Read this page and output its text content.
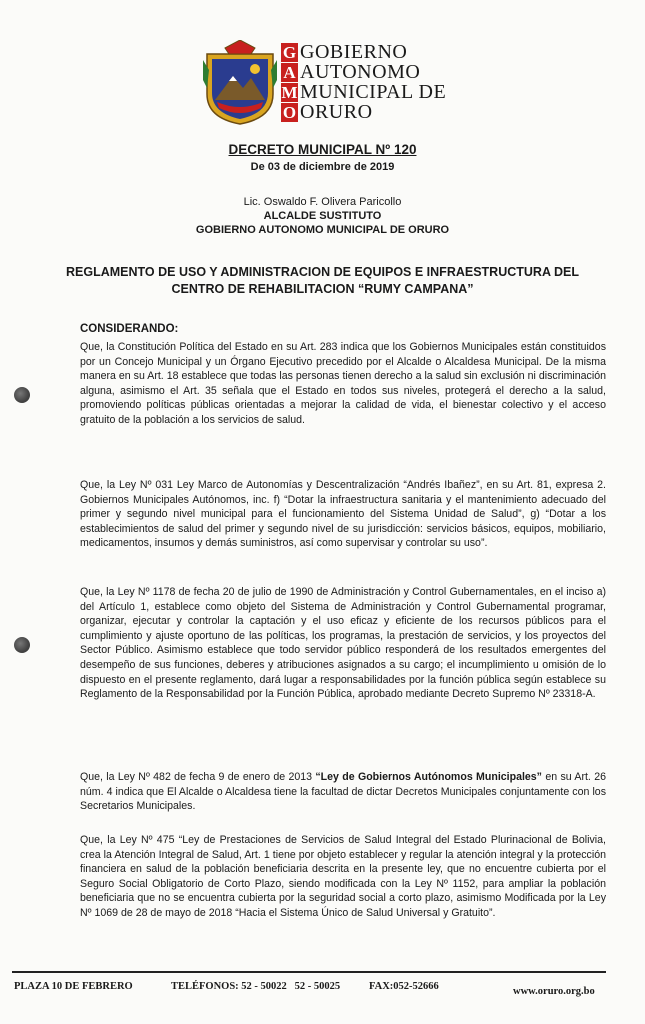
G
A
M
O
GOBIERNO
AUTONOMO
MUNICIPAL DE
ORURO
DECRETO MUNICIPAL Nº 120
De 03 de diciembre de 2019
Lic. Oswaldo F. Olivera Paricollo
ALCALDE SUSTITUTO
GOBIERNO AUTONOMO MUNICIPAL DE ORURO
REGLAMENTO DE USO Y ADMINISTRACION DE EQUIPOS E INFRAESTRUCTURA DEL
CENTRO DE REHABILITACION “RUMY CAMPANA”
CONSIDERANDO:

Que, la Constitución Política del Estado en su Art. 283 indica que los Gobiernos Municipales están constituidos por un Concejo Municipal y un Órgano Ejecutivo precedido por el Alcalde o Alcaldesa Municipal. De la misma manera en su Art. 18 establece que todas las personas tienen derecho a la salud sin exclusión ni discriminación alguna, asimismo el Art. 35 señala que el Estado en todos sus niveles, protegerá el derecho a la salud, promoviendo políticas públicas orientadas a mejorar la calidad de vida, el bienestar colectivo y el acceso gratuito de la población a los servicios de salud.

Que, la Ley Nº 031 Ley Marco de Autonomías y Descentralización “Andrés Ibañez”, en su Art. 81, expresa 2. Gobiernos Municipales Autónomos, inc. f) “Dotar la infraestructura sanitaria y el mantenimiento adecuado del primer y segundo nivel municipal para el funcionamiento del Sistema Unidad de Salud”, g) “Dotar a los establecimientos de salud del primer y segundo nivel de su jurisdicción: servicios básicos, equipos, mobiliario, medicamentos, insumos y demás suministros, así como supervisar y controlar su uso”.

Que, la Ley Nº 1178 de fecha 20 de julio de 1990 de Administración y Control Gubernamentales, en el inciso a) del Artículo 1, establece como objeto del Sistema de Administración y Control Gubernamental programar, organizar, ejecutar y controlar la captación y el uso eficaz y eficiente de los recursos públicos para el cumplimiento y ajuste oportuno de las políticas, los programas, la prestación de servicios, y los proyectos del Sector Público. Asimismo establece que todo servidor público responderá de los resultados emergentes del desempeño de sus funciones, deberes y atribuciones asignados a su cargo; el incumplimiento u omisión de lo dispuesto en el presente reglamento, dará lugar a responsabilidades por la función pública según establece su Reglamento de la Responsabilidad por la Función Pública, aprobado mediante Decreto Supremo Nº 23318-A.

Que, la Ley Nº 482 de fecha 9 de enero de 2013 “Ley de Gobiernos Autónomos Municipales” en su Art. 26 núm. 4 indica que El Alcalde o Alcaldesa tiene la facultad de dictar Decretos Municipales conjuntamente con los Secretarios Municipales.

Que, la Ley Nº 475 “Ley de Prestaciones de Servicios de Salud Integral del Estado Plurinacional de Bolivia, crea la Atención Integral de Salud, Art. 1 tiene por objeto establecer y regular la atención integral y la protección financiera en salud de la población beneficiaria descrita en la presente ley, que no encuentre cubierta por el Seguro Social Obligatorio de Corto Plazo, siendo modificada con la Ley Nº 1152, para ampliar la población beneficiaria que no se encuentra cubierta por la seguridad social a corto plazo, asimismo Modificada por la Ley Nº 1069 de 28 de mayo de 2018 “Hacia el Sistema Único de Salud Universal y Gratuito”.

PLAZA 10 DE FEBRERO	TELÉFONOS: 52 - 50022   52 - 50025	FAX:052-52666	www.oruro.org.bo
